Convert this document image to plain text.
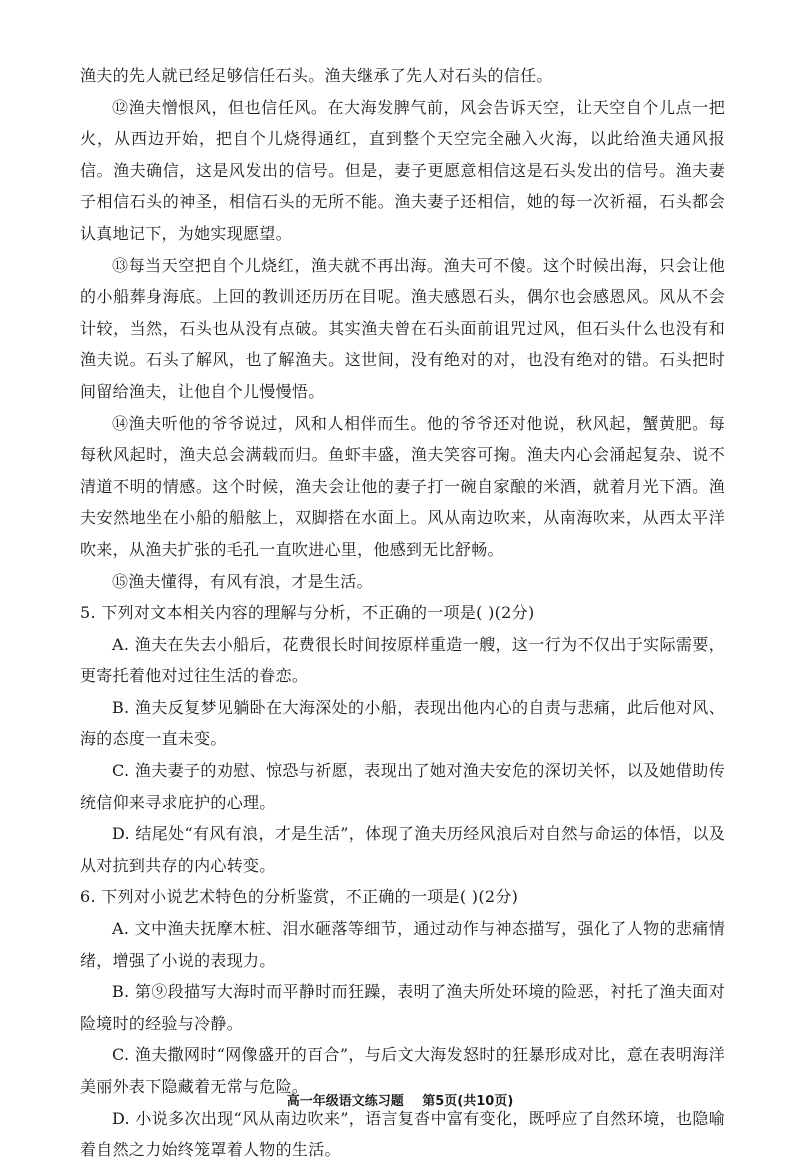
渔夫的先人就已经足够信任石头。渔夫继承了先人对石头的信任。

⑫渔夫憎恨风，但也信任风。在大海发脾气前，风会告诉天空，让天空自个儿点一把火，从西边开始，把自个儿烧得通红，直到整个天空完全融入火海，以此给渔夫通风报信。渔夫确信，这是风发出的信号。但是，妻子更愿意相信这是石头发出的信号。渔夫妻子相信石头的神圣，相信石头的无所不能。渔夫妻子还相信，她的每一次祈福，石头都会认真地记下，为她实现愿望。

⑬每当天空把自个儿烧红，渔夫就不再出海。渔夫可不傻。这个时候出海，只会让他的小船葬身海底。上回的教训还历历在目呢。渔夫感恩石头，偶尔也会感恩风。风从不会计较，当然，石头也从没有点破。其实渔夫曾在石头面前诅咒过风，但石头什么也没有和渔夫说。石头了解风，也了解渔夫。这世间，没有绝对的对，也没有绝对的错。石头把时间留给渔夫，让他自个儿慢慢悟。

⑭渔夫听他的爷爷说过，风和人相伴而生。他的爷爷还对他说，秋风起，蟹黄肥。每每秋风起时，渔夫总会满载而归。鱼虾丰盛，渔夫笑容可掬。渔夫内心会涌起复杂、说不清道不明的情感。这个时候，渔夫会让他的妻子打一碗自家酿的米酒，就着月光下酒。渔夫安然地坐在小船的船舷上，双脚搭在水面上。风从南边吹来，从南海吹来，从西太平洋吹来，从渔夫扩张的毛孔一直吹进心里，他感到无比舒畅。

⑮渔夫懂得，有风有浪，才是生活。

5. 下列对文本相关内容的理解与分析，不正确的一项是( )(2分)

A. 渔夫在失去小船后，花费很长时间按原样重造一艘，这一行为不仅出于实际需要，更寄托着他对过往生活的眷恋。

B. 渔夫反复梦见躺卧在大海深处的小船，表现出他内心的自责与悲痛，此后他对风、海的态度一直未变。

C. 渔夫妻子的劝慰、惊恐与祈愿，表现出了她对渔夫安危的深切关怀，以及她借助传统信仰来寻求庇护的心理。

D. 结尾处“有风有浪，才是生活”，体现了渔夫历经风浪后对自然与命运的体悟，以及从对抗到共存的内心转变。

6. 下列对小说艺术特色的分析鉴赏，不正确的一项是( )(2分)

A. 文中渔夫抚摩木桩、泪水砸落等细节，通过动作与神态描写，强化了人物的悲痛情绪，增强了小说的表现力。

B. 第⑨段描写大海时而平静时而狂躁，表明了渔夫所处环境的险恶，衬托了渔夫面对险境时的经验与冷静。

C. 渔夫撒网时“网像盛开的百合”，与后文大海发怒时的狂暴形成对比，意在表明海洋美丽外表下隐藏着无常与危险。

D. 小说多次出现“风从南边吹来”，语言复沓中富有变化，既呼应了自然环境，也隐喻着自然之力始终笼罩着人物的生活。

高一年级语文练习题 第5页(共10页)
